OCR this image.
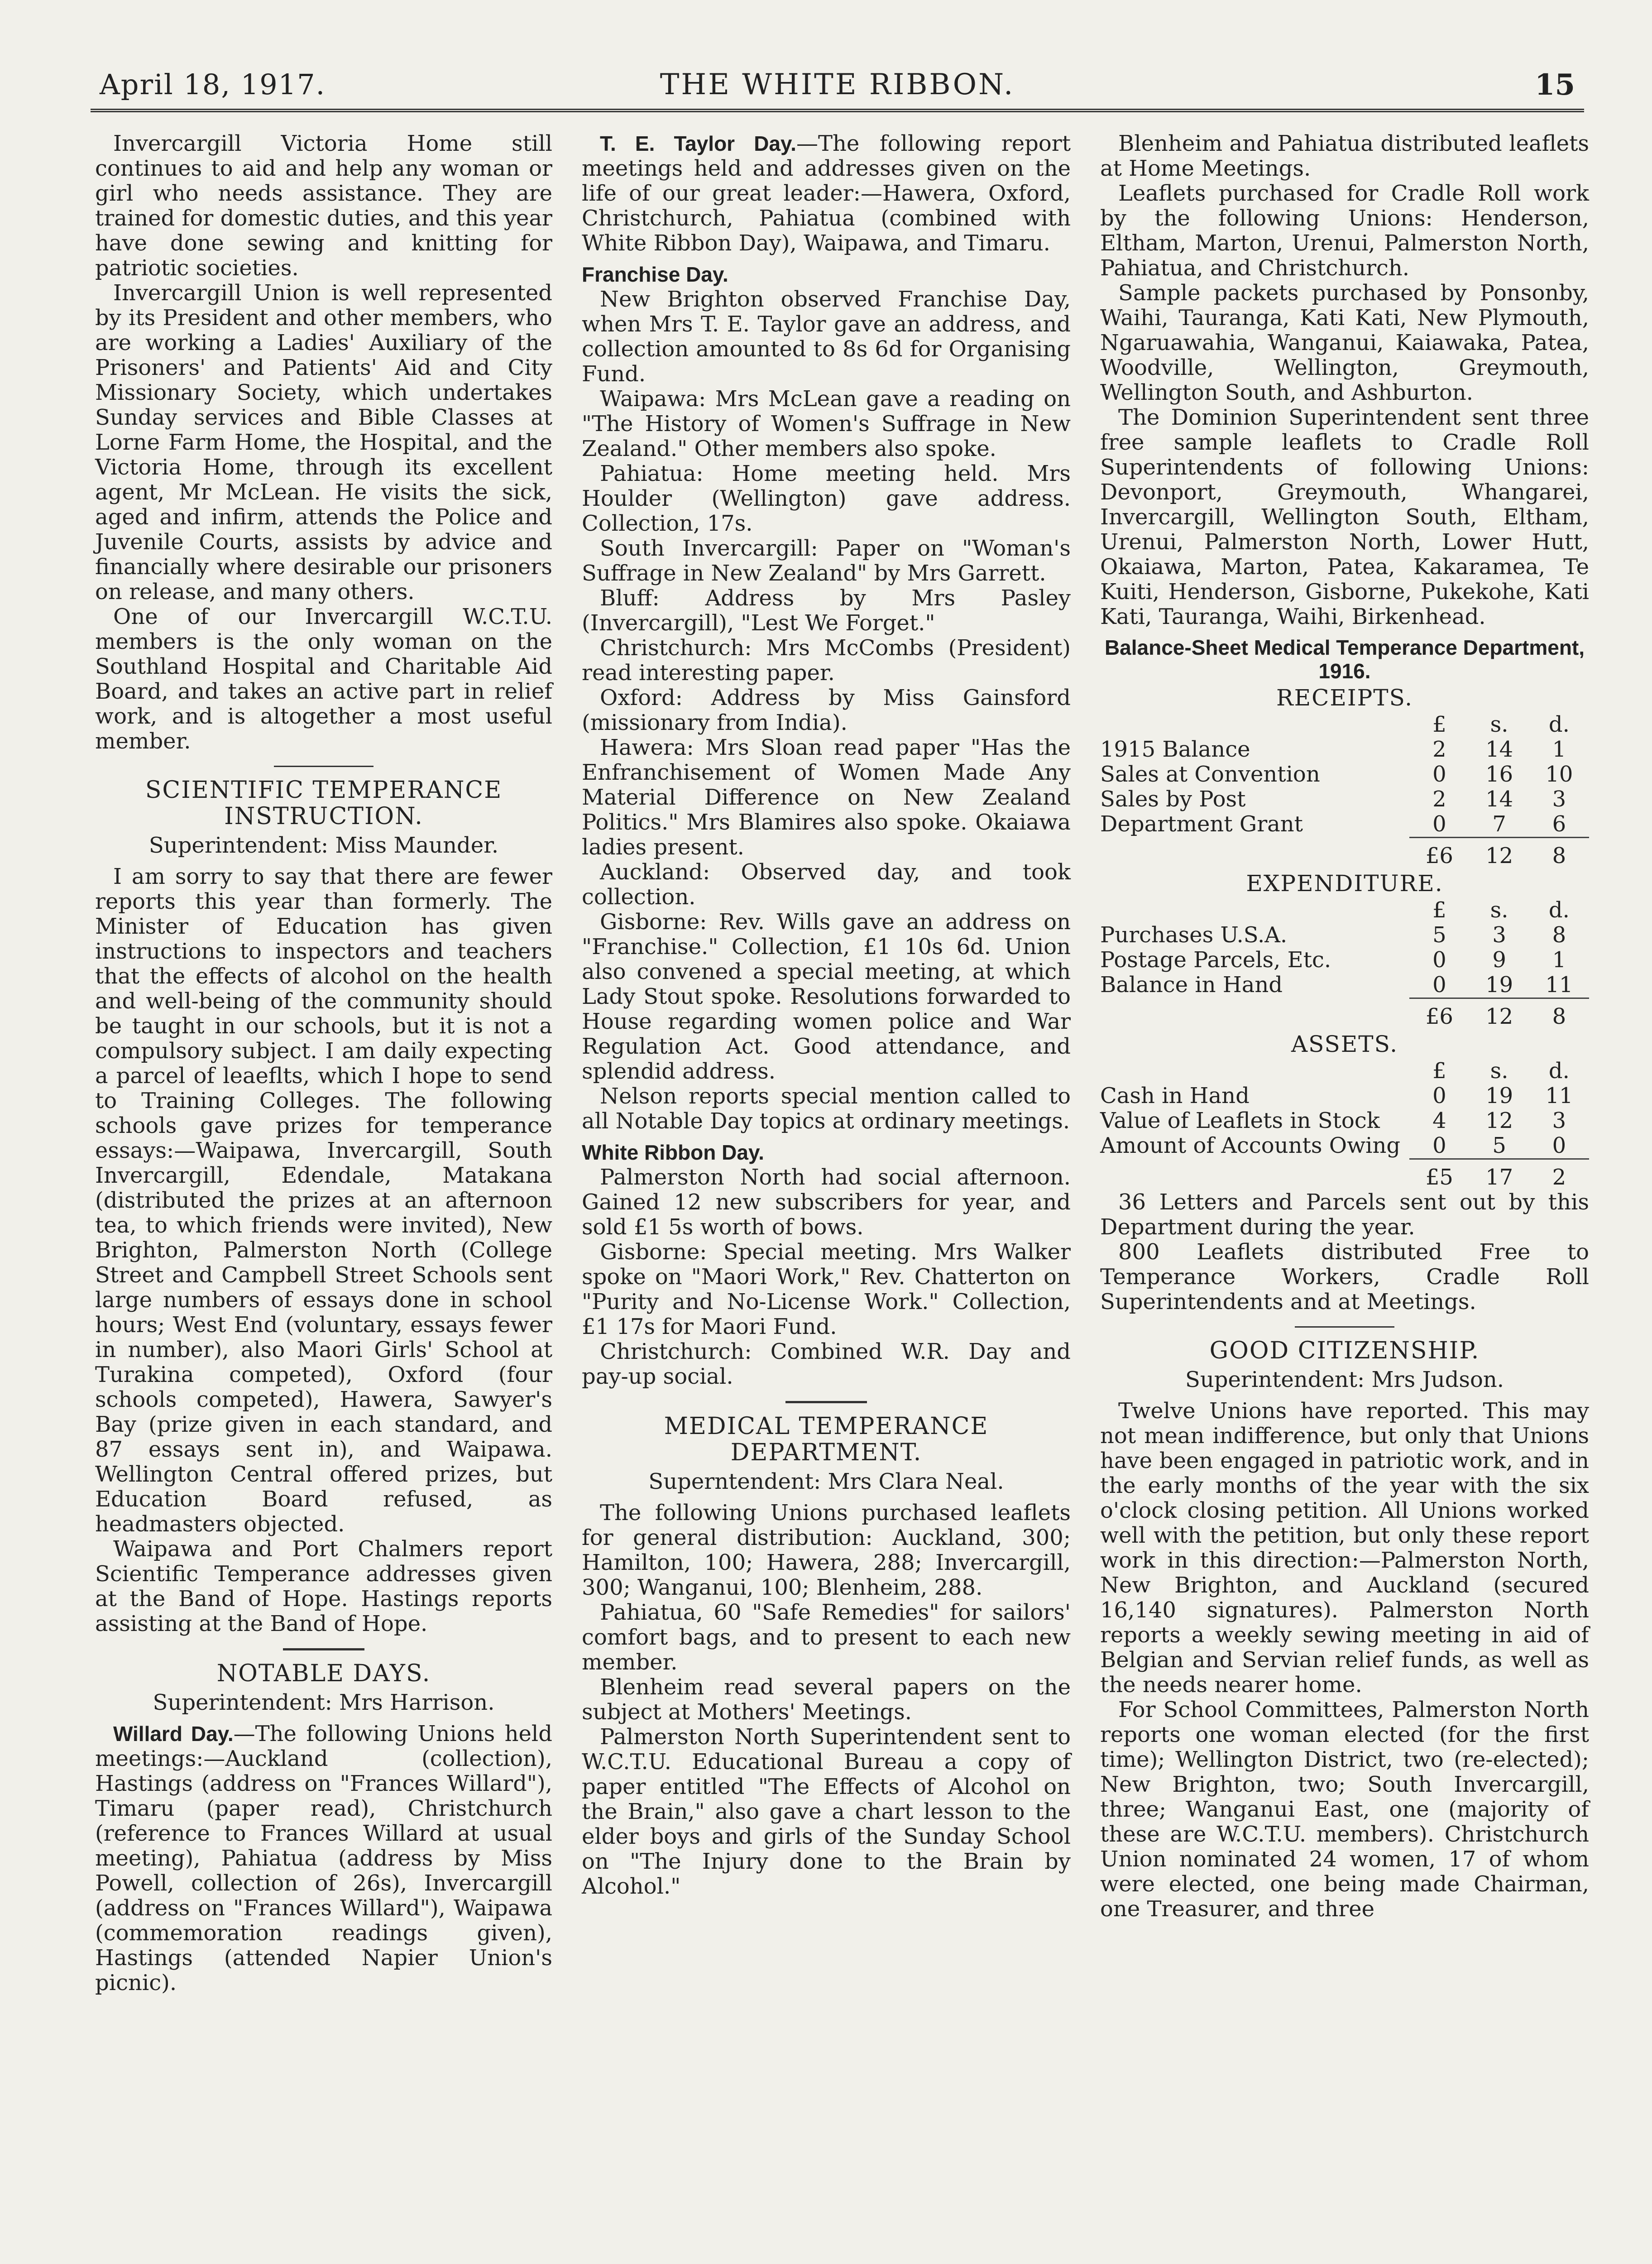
April 18, 1917.	THE WHITE RIBBON.	15

Invercargill Victoria Home still continues to aid and help any woman or girl who needs assistance. They are trained for domestic duties, and this year have done sewing and knitting for patriotic societies.

Invercargill Union is well represented by its President and other members, who are working a Ladies' Auxiliary of the Prisoners' and Patients' Aid and City Missionary Society, which undertakes Sunday services and Bible Classes at Lorne Farm Home, the Hospital, and the Victoria Home, through its excellent agent, Mr McLean. He visits the sick, aged and infirm, attends the Police and Juvenile Courts, assists by advice and financially where desirable our prisoners on release, and many others.

One of our Invercargill W.C.T.U. members is the only woman on the Southland Hospital and Charitable Aid Board, and takes an active part in relief work, and is altogether a most useful member.

SCIENTIFIC TEMPERANCE INSTRUCTION.
Superintendent: Miss Maunder.

I am sorry to say that there are fewer reports this year than formerly. The Minister of Education has given instructions to inspectors and teachers that the effects of alcohol on the health and well-being of the community should be taught in our schools, but it is not a compulsory subject. I am daily expecting a parcel of leaeflts, which I hope to send to Training Colleges. The following schools gave prizes for temperance essays:—Waipawa, Invercargill, South Invercargill, Edendale, Matakana (distributed the prizes at an afternoon tea, to which friends were invited), New Brighton, Palmerston North (College Street and Campbell Street Schools sent large numbers of essays done in school hours; West End (voluntary, essays fewer in number), also Maori Girls' School at Turakina competed), Oxford (four schools competed), Hawera, Sawyer's Bay (prize given in each standard, and 87 essays sent in), and Waipawa. Wellington Central offered prizes, but Education Board refused, as headmasters objected.

Waipawa and Port Chalmers report Scientific Temperance addresses given at the Band of Hope. Hastings reports assisting at the Band of Hope.

NOTABLE DAYS.
Superintendent: Mrs Harrison.

Willard Day.—The following Unions held meetings:—Auckland (collection), Hastings (address on "Frances Willard"), Timaru (paper read), Christchurch (reference to Frances Willard at usual meeting), Pahiatua (address by Miss Powell, collection of 26s), Invercargill (address on "Frances Willard"), Waipawa (commemoration readings given), Hastings (attended Napier Union's picnic).

T. E. Taylor Day.—The following report meetings held and addresses given on the life of our great leader:—Hawera, Oxford, Christchurch, Pahiatua (combined with White Ribbon Day), Waipawa, and Timaru.

Franchise Day.

New Brighton observed Franchise Day, when Mrs T. E. Taylor gave an address, and collection amounted to 8s 6d for Organising Fund.

Waipawa: Mrs McLean gave a reading on "The History of Women's Suffrage in New Zealand." Other members also spoke.

Pahiatua: Home meeting held. Mrs Houlder (Wellington) gave address. Collection, 17s.

South Invercargill: Paper on "Woman's Suffrage in New Zealand" by Mrs Garrett.

Bluff: Address by Mrs Pasley (Invercargill), "Lest We Forget."

Christchurch: Mrs McCombs (President) read interesting paper.

Oxford: Address by Miss Gainsford (missionary from India).

Hawera: Mrs Sloan read paper "Has the Enfranchisement of Women Made Any Material Difference on New Zealand Politics." Mrs Blamires also spoke. Okaiawa ladies present.

Auckland: Observed day, and took collection.

Gisborne: Rev. Wills gave an address on "Franchise." Collection, £1 10s 6d. Union also convened a special meeting, at which Lady Stout spoke. Resolutions forwarded to House regarding women police and War Regulation Act. Good attendance, and splendid address.

Nelson reports special mention called to all Notable Day topics at ordinary meetings.

White Ribbon Day.

Palmerston North had social afternoon. Gained 12 new subscribers for year, and sold £1 5s worth of bows.

Gisborne: Special meeting. Mrs Walker spoke on "Maori Work," Rev. Chatterton on "Purity and No-License Work." Collection, £1 17s for Maori Fund.

Christchurch: Combined W.R. Day and pay-up social.

MEDICAL TEMPERANCE DEPARTMENT.
Superntendent: Mrs Clara Neal.

The following Unions purchased leaflets for general distribution: Auckland, 300; Hamilton, 100; Hawera, 288; Invercargill, 300; Wanganui, 100; Blenheim, 288.

Pahiatua, 60 "Safe Remedies" for sailors' comfort bags, and to present to each new member.

Blenheim read several papers on the subject at Mothers' Meetings.

Palmerston North Superintendent sent to W.C.T.U. Educational Bureau a copy of paper entitled "The Effects of Alcohol on the Brain," also gave a chart lesson to the elder boys and girls of the Sunday School on "The Injury done to the Brain by Alcohol."

Blenheim and Pahiatua distributed leaflets at Home Meetings.

Leaflets purchased for Cradle Roll work by the following Unions: Henderson, Eltham, Marton, Urenui, Palmerston North, Pahiatua, and Christchurch.

Sample packets purchased by Ponsonby, Waihi, Tauranga, Kati Kati, New Plymouth, Ngaruawahia, Wanganui, Kaiawaka, Patea, Woodville, Wellington, Greymouth, Wellington South, and Ashburton.

The Dominion Superintendent sent three free sample leaflets to Cradle Roll Superintendents of following Unions: Devonport, Greymouth, Whangarei, Invercargill, Wellington South, Eltham, Urenui, Palmerston North, Lower Hutt, Okaiawa, Marton, Patea, Kakaramea, Te Kuiti, Henderson, Gisborne, Pukekohe, Kati Kati, Tauranga, Waihi, Birkenhead.

Balance-Sheet Medical Temperance Department, 1916.
RECEIPTS.
	£	s.	d.
1915 Balance	2	14	1
Sales at Convention	0	16	10
Sales by Post	2	14	3
Department Grant	0	7	6
	£6	12	8
EXPENDITURE.
	£	s.	d.
Purchases U.S.A.	5	3	8
Postage Parcels, Etc.	0	9	1
Balance in Hand	0	19	11
	£6	12	8
ASSETS.
	£	s.	d.
Cash in Hand	0	19	11
Value of Leaflets in Stock	4	12	3
Amount of Accounts Owing	0	5	0
	£5	17	2

36 Letters and Parcels sent out by this Department during the year.

800 Leaflets distributed Free to Temperance Workers, Cradle Roll Superintendents and at Meetings.

GOOD CITIZENSHIP.
Superintendent: Mrs Judson.

Twelve Unions have reported. This may not mean indifference, but only that Unions have been engaged in patriotic work, and in the early months of the year with the six o'clock closing petition. All Unions worked well with the petition, but only these report work in this direction:—Palmerston North, New Brighton, and Auckland (secured 16,140 signatures). Palmerston North reports a weekly sewing meeting in aid of Belgian and Servian relief funds, as well as the needs nearer home.

For School Committees, Palmerston North reports one woman elected (for the first time); Wellington District, two (re-elected); New Brighton, two; South Invercargill, three; Wanganui East, one (majority of these are W.C.T.U. members). Christchurch Union nominated 24 women, 17 of whom were elected, one being made Chairman, one Treasurer, and three
